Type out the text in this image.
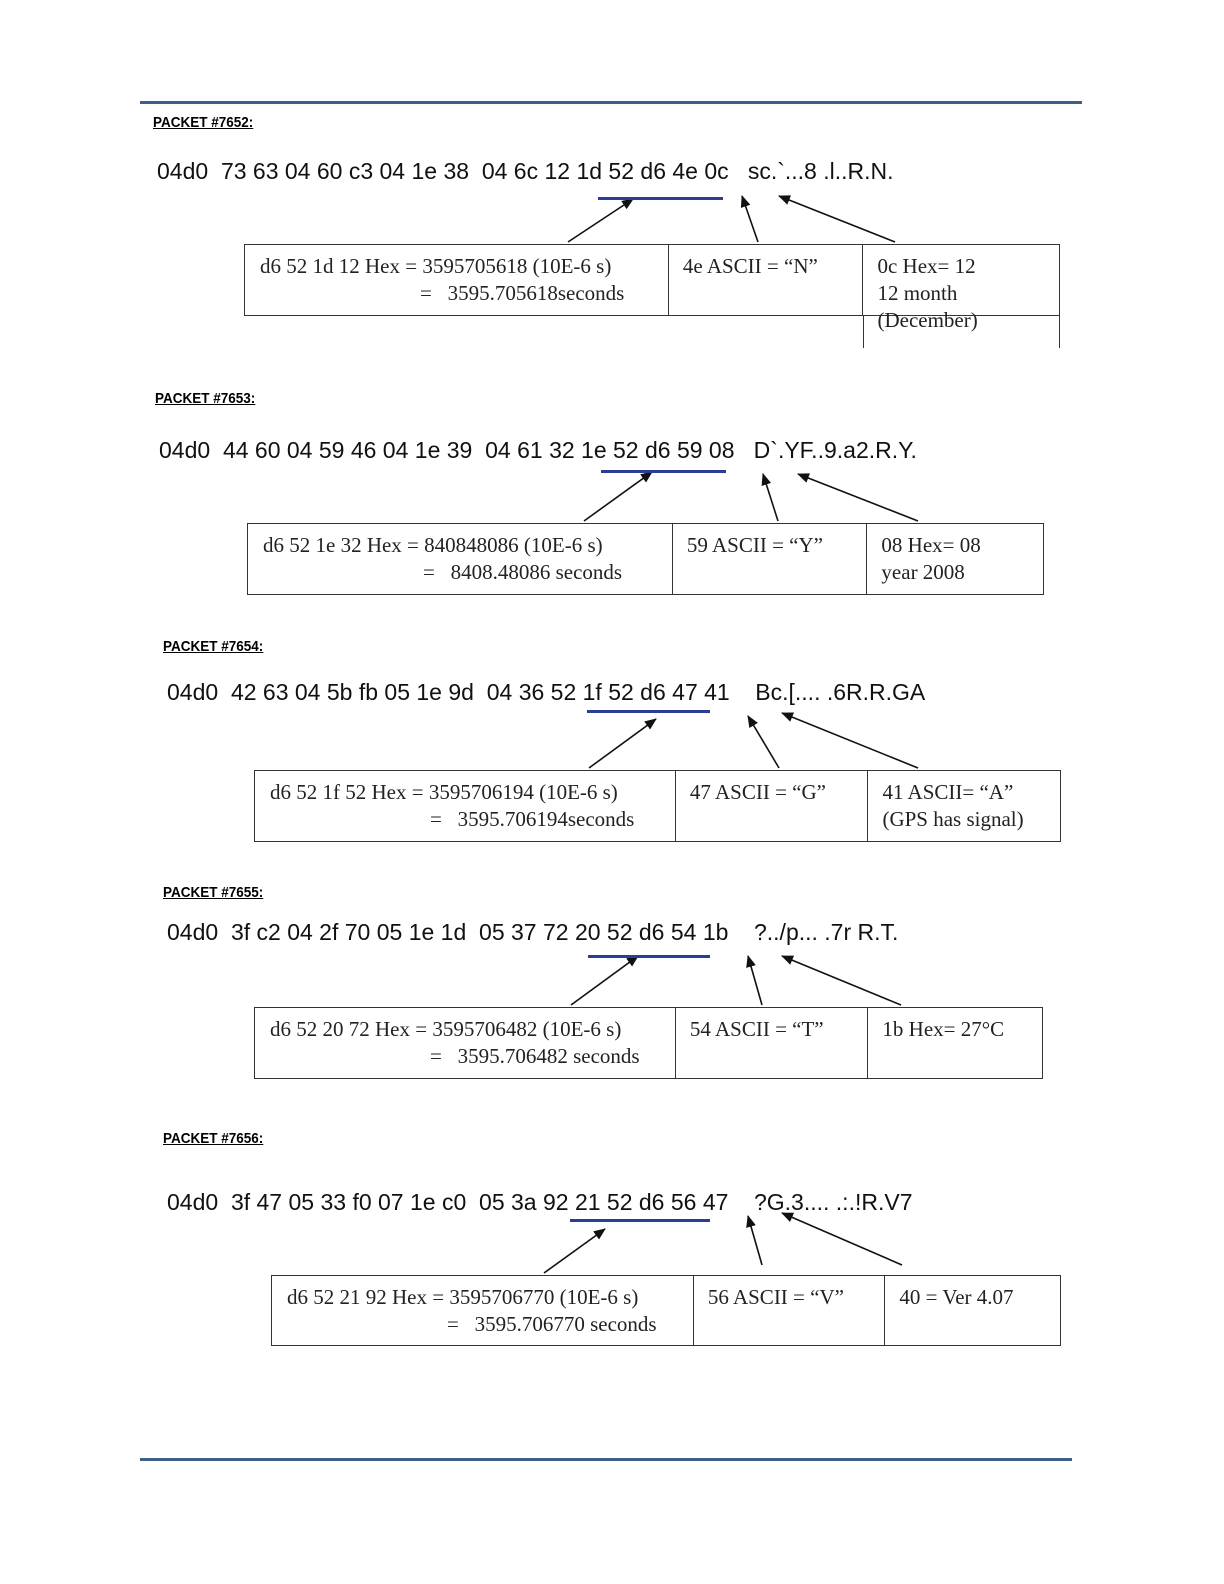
PACKET #7652:
04d0  73 63 04 60 c3 04 1e 38  04 6c 12 1d 52 d6 4e 0c   sc.`...8 .l..R.N.
d6 52 1d 12 Hex = 3595705618 (10E-6 s)
=   3595.705618seconds
4e ASCII = “N”	0c Hex= 12
12 month
(December)
PACKET #7653:
04d0  44 60 04 59 46 04 1e 39  04 61 32 1e 52 d6 59 08   D`.YF..9.a2.R.Y.
d6 52 1e 32 Hex = 840848086 (10E-6 s)
=   8408.48086 seconds
59 ASCII = “Y”	08 Hex= 08
year 2008
PACKET #7654:
04d0  42 63 04 5b fb 05 1e 9d  04 36 52 1f 52 d6 47 41    Bc.[.... .6R.R.GA
d6 52 1f 52 Hex = 3595706194 (10E-6 s)
=   3595.706194seconds
47 ASCII = “G”	41 ASCII= “A”
(GPS has signal)
PACKET #7655:
04d0  3f c2 04 2f 70 05 1e 1d  05 37 72 20 52 d6 54 1b    ?../p... .7r R.T.
d6 52 20 72 Hex = 3595706482 (10E-6 s)
=   3595.706482 seconds
54 ASCII = “T”	1b Hex= 27°C
PACKET #7656:
04d0  3f 47 05 33 f0 07 1e c0  05 3a 92 21 52 d6 56 47    ?G.3.... .:.!R.V7
d6 52 21 92 Hex = 3595706770 (10E-6 s)
=   3595.706770 seconds
56 ASCII = “V”	40 = Ver 4.07
